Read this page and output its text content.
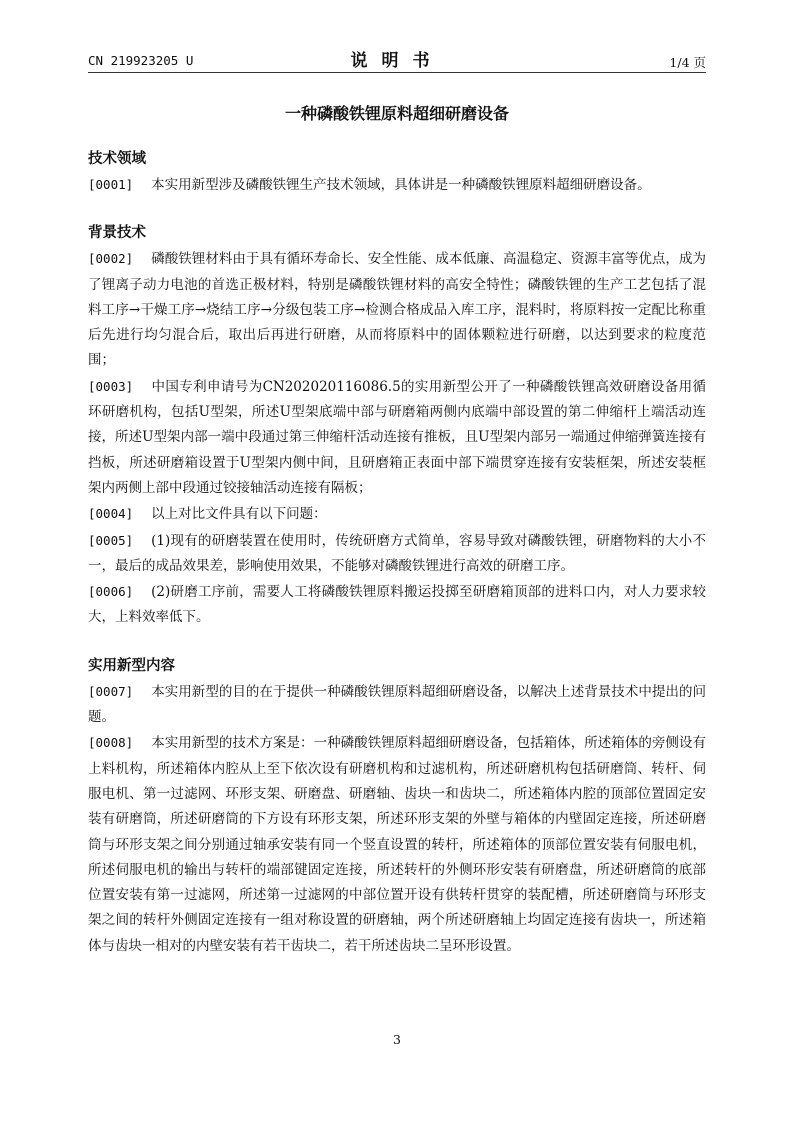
CN 219923205 U	说明书	1/4 页
一种磷酸铁锂原料超细研磨设备
技术领域
[0001] 本实用新型涉及磷酸铁锂生产技术领域，具体讲是一种磷酸铁锂原料超细研磨设备。
背景技术
[0002] 磷酸铁锂材料由于具有循环寿命长、安全性能、成本低廉、高温稳定、资源丰富等优点，成为了锂离子动力电池的首选正极材料，特别是磷酸铁锂材料的高安全特性；磷酸铁锂的生产工艺包括了混料工序→干燥工序→烧结工序→分级包装工序→检测合格成品入库工序，混料时，将原料按一定配比称重后先进行均匀混合后，取出后再进行研磨，从而将原料中的固体颗粒进行研磨，以达到要求的粒度范围；
[0003] 中国专利申请号为CN202020116086.5的实用新型公开了一种磷酸铁锂高效研磨设备用循环研磨机构，包括U型架，所述U型架底端中部与研磨箱两侧内底端中部设置的第二伸缩杆上端活动连接，所述U型架内部一端中段通过第三伸缩杆活动连接有推板，且U型架内部另一端通过伸缩弹簧连接有挡板，所述研磨箱设置于U型架内侧中间，且研磨箱正表面中部下端贯穿连接有安装框架，所述安装框架内两侧上部中段通过铰接轴活动连接有隔板；
[0004] 以上对比文件具有以下问题：
[0005] (1)现有的研磨装置在使用时，传统研磨方式简单，容易导致对磷酸铁锂，研磨物料的大小不一，最后的成品效果差，影响使用效果，不能够对磷酸铁锂进行高效的研磨工序。
[0006] (2)研磨工序前，需要人工将磷酸铁锂原料搬运投掷至研磨箱顶部的进料口内，对人力要求较大，上料效率低下。
实用新型内容
[0007] 本实用新型的目的在于提供一种磷酸铁锂原料超细研磨设备，以解决上述背景技术中提出的问题。
[0008] 本实用新型的技术方案是：一种磷酸铁锂原料超细研磨设备，包括箱体，所述箱体的旁侧设有上料机构，所述箱体内腔从上至下依次设有研磨机构和过滤机构，所述研磨机构包括研磨筒、转杆、伺服电机、第一过滤网、环形支架、研磨盘、研磨轴、齿块一和齿块二，所述箱体内腔的顶部位置固定安装有研磨筒，所述研磨筒的下方设有环形支架，所述环形支架的外壁与箱体的内壁固定连接，所述研磨筒与环形支架之间分别通过轴承安装有同一个竖直设置的转杆，所述箱体的顶部位置安装有伺服电机，所述伺服电机的输出与转杆的端部键固定连接，所述转杆的外侧环形安装有研磨盘，所述研磨筒的底部位置安装有第一过滤网，所述第一过滤网的中部位置开设有供转杆贯穿的装配槽，所述研磨筒与环形支架之间的转杆外侧固定连接有一组对称设置的研磨轴，两个所述研磨轴上均固定连接有齿块一，所述箱体与齿块一相对的内壁安装有若干齿块二，若干所述齿块二呈环形设置。
3
